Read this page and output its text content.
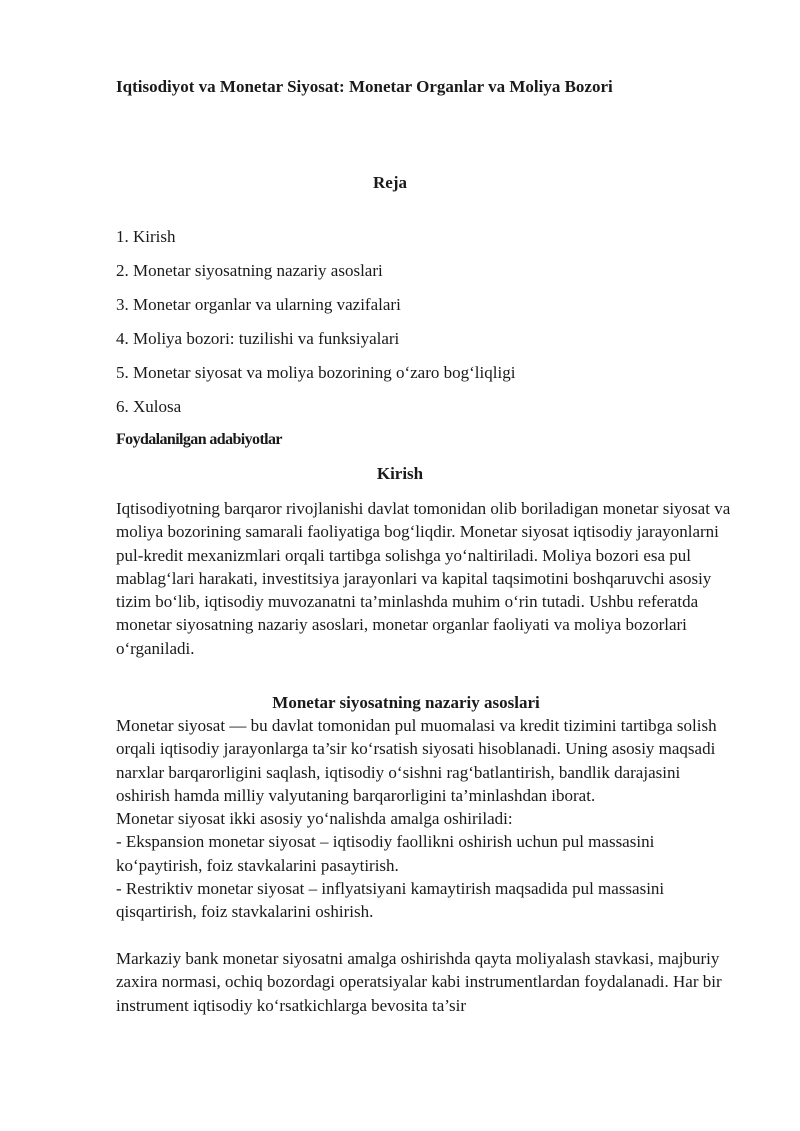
Iqtisodiyot va Monetar Siyosat: Monetar Organlar va Moliya Bozori
Reja
1. Kirish
2. Monetar siyosatning nazariy asoslari
3. Monetar organlar va ularning vazifalari
4. Moliya bozori: tuzilishi va funksiyalari
5. Monetar siyosat va moliya bozorining o‘zaro bog‘liqligi
6. Xulosa
Foydalanilgan adabiyotlar
Kirish

Iqtisodiyotning barqaror rivojlanishi davlat tomonidan olib boriladigan monetar siyosat va moliya bozorining samarali faoliyatiga bog‘liqdir. Monetar siyosat iqtisodiy jarayonlarni pul-kredit mexanizmlari orqali tartibga solishga yo‘naltiriladi. Moliya bozori esa pul mablag‘lari harakati, investitsiya jarayonlari va kapital taqsimotini boshqaruvchi asosiy tizim bo‘lib, iqtisodiy muvozanatni ta’minlashda muhim o‘rin tutadi. Ushbu referatda monetar siyosatning nazariy asoslari, monetar organlar faoliyati va moliya bozorlari o‘rganiladi.

Monetar siyosatning nazariy asoslari

Monetar siyosat — bu davlat tomonidan pul muomalasi va kredit tizimini tartibga solish orqali iqtisodiy jarayonlarga ta’sir ko‘rsatish siyosati hisoblanadi. Uning asosiy maqsadi narxlar barqarorligini saqlash, iqtisodiy o‘sishni rag‘batlantirish, bandlik darajasini oshirish hamda milliy valyutaning barqarorligini ta’minlashdan iborat.

Monetar siyosat ikki asosiy yo‘nalishda amalga oshiriladi:

- Ekspansion monetar siyosat – iqtisodiy faollikni oshirish uchun pul massasini ko‘paytirish, foiz stavkalarini pasaytirish.

- Restriktiv monetar siyosat – inflyatsiyani kamaytirish maqsadida pul massasini qisqartirish, foiz stavkalarini oshirish.

Markaziy bank monetar siyosatni amalga oshirishda qayta moliyalash stavkasi, majburiy zaxira normasi, ochiq bozordagi operatsiyalar kabi instrumentlardan foydalanadi. Har bir instrument iqtisodiy ko‘rsatkichlarga bevosita ta’sir
